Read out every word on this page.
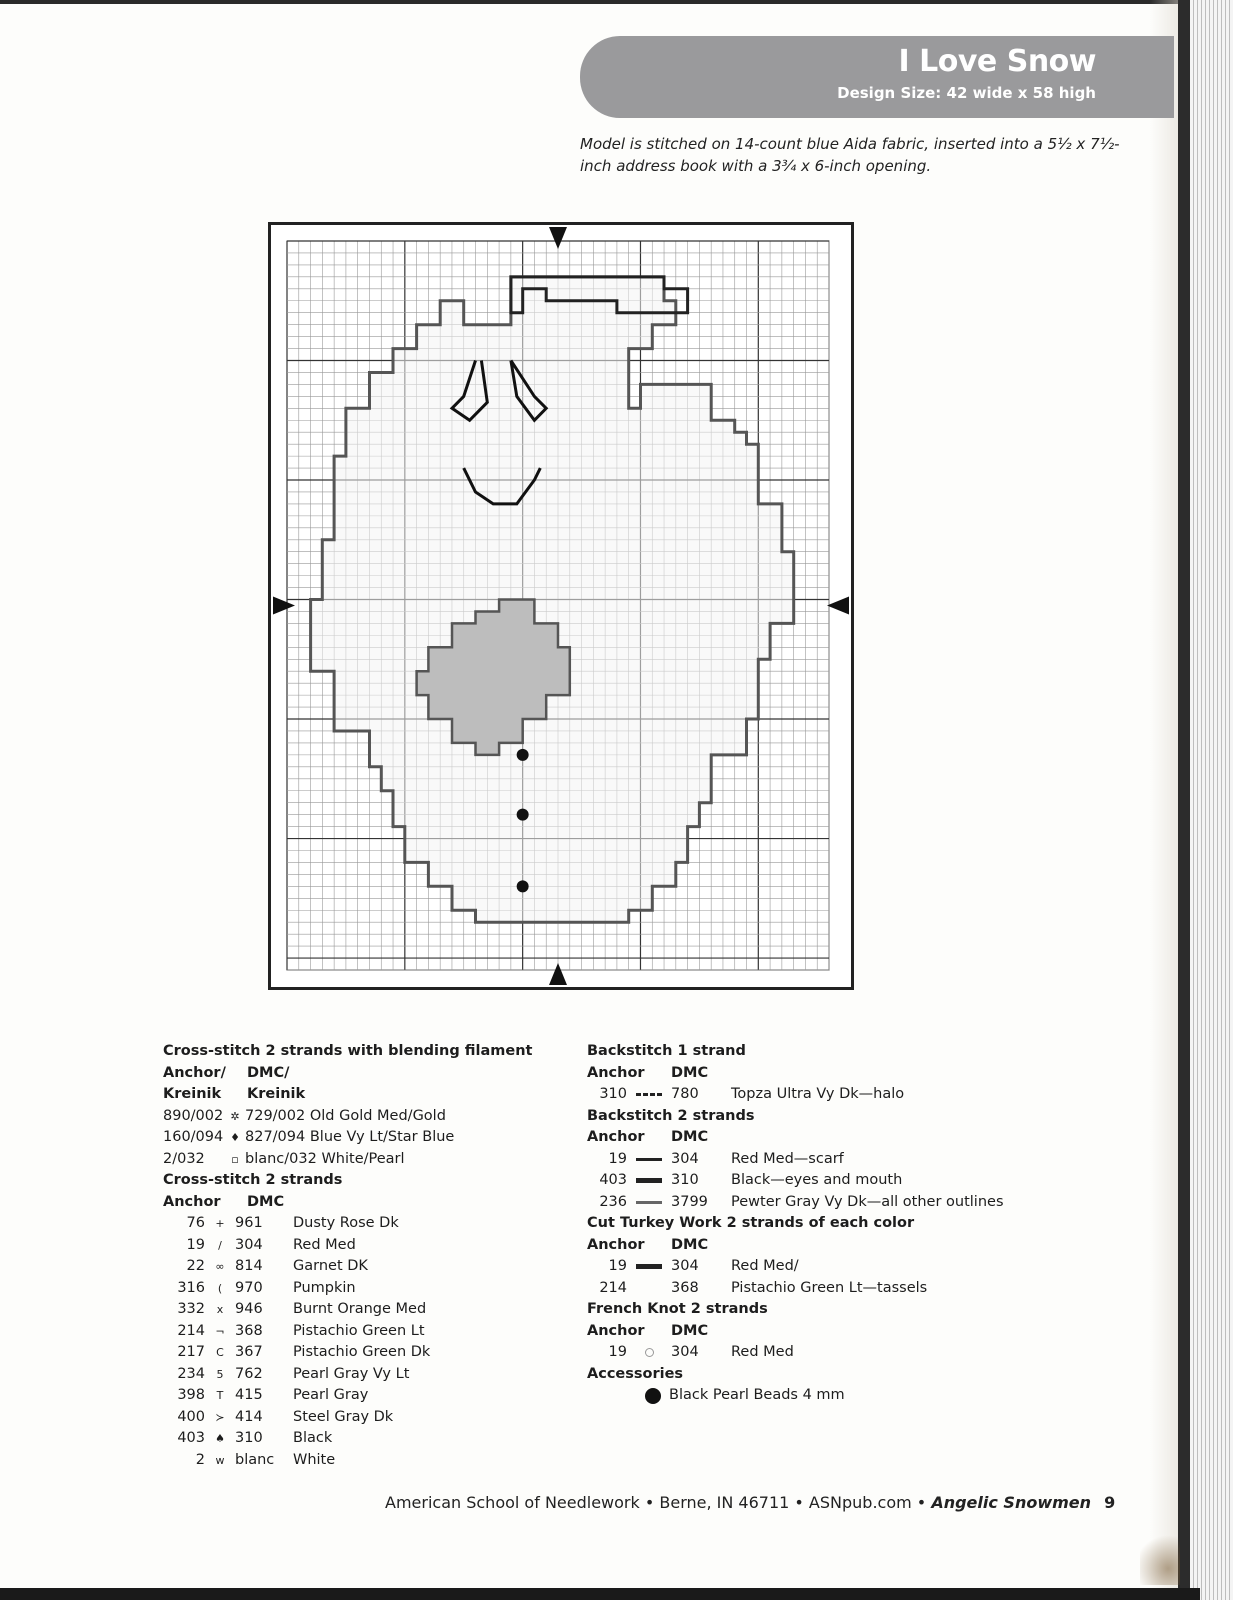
I Love Snow
Design Size: 42 wide x 58 high
Model is stitched on 14-count blue Aida fabric, inserted into a 5½ x 7½-inch address book with a 3¾ x 6-inch opening.
Cross-stitch 2 strands with blending filament
Anchor/	DMC/
Kreinik	Kreinik
890/002 ✲ 729/002 Old Gold Med/Gold
160/094 ♦ 827/094 Blue Vy Lt/Star Blue
2/032	▫ blanc/032 White/Pearl
Cross-stitch 2 strands
Anchor	DMC
76 + 961	Dusty Rose Dk
19	/ 304	Red Med
22 ∞ 814	Garnet DK
316	( 970	Pumpkin
332	x 946	Burnt Orange Med
214 ¬ 368	Pistachio Green Lt
217	C 367	Pistachio Green Dk
234	5 762	Pearl Gray Vy Lt
398	T 415	Pearl Gray
400 ≻ 414	Steel Gray Dk
403 ♠ 310	Black
2 w blanc	White
Backstitch 1 strand
Anchor	DMC
310	780	Topza Ultra Vy Dk—halo
Backstitch 2 strands
Anchor	DMC
19	304	Red Med—scarf
403	310	Black—eyes and mouth
236	3799	Pewter Gray Vy Dk—all other outlines
Cut Turkey Work 2 strands of each color
Anchor	DMC
19	304	Red Med/
214	368	Pistachio Green Lt—tassels
French Knot 2 strands
Anchor	DMC
19	304	Red Med
Accessories
Black Pearl Beads 4 mm
American School of Needlework • Berne, IN 46711 • ASNpub.com • Angelic Snowmen 9
